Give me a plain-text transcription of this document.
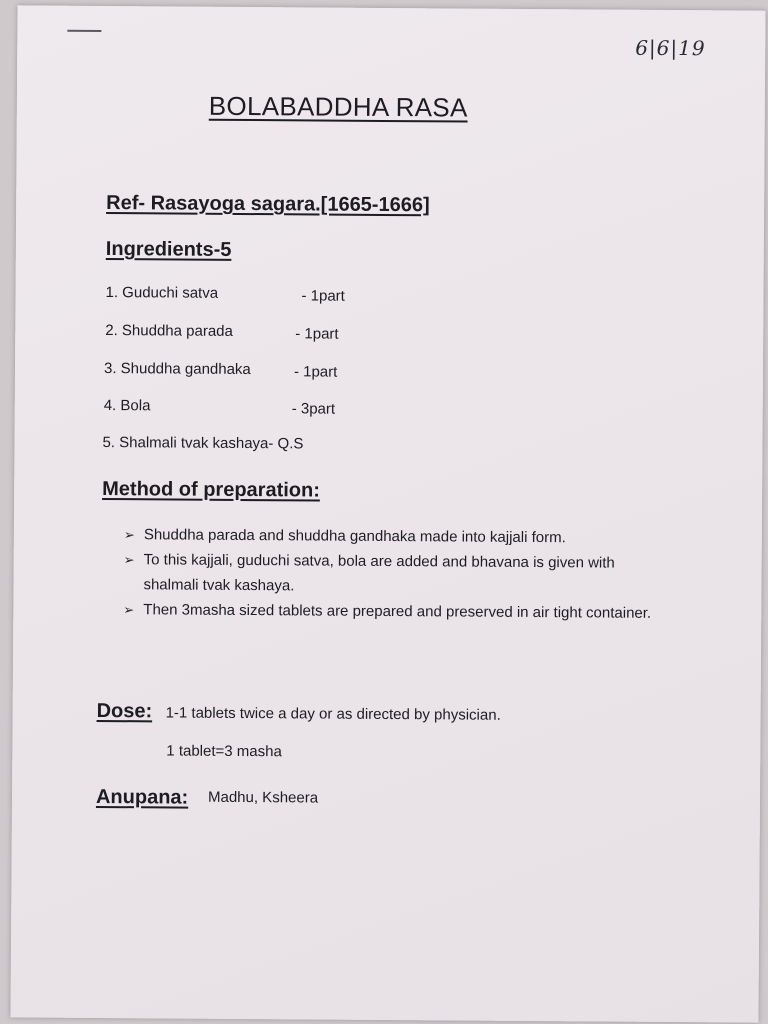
6|6|19
BOLABADDHA RASA
Ref- Rasayoga sagara.[1665-1666]
Ingredients-5
1. Guduchi satva	- 1part
2. Shuddha parada	- 1part
3. Shuddha gandhaka	- 1part
4. Bola	- 3part
5. Shalmali tvak kashaya- Q.S
Method of preparation:
➢ Shuddha parada and shuddha gandhaka made into kajjali form.
➢ To this kajjali, guduchi satva, bola are added and bhavana is given with shalmali tvak kashaya.
➢ Then 3masha sized tablets are prepared and preserved in air tight container.
Dose: 1-1 tablets twice a day or as directed by physician.
1 tablet=3 masha
Anupana: Madhu, Ksheera
